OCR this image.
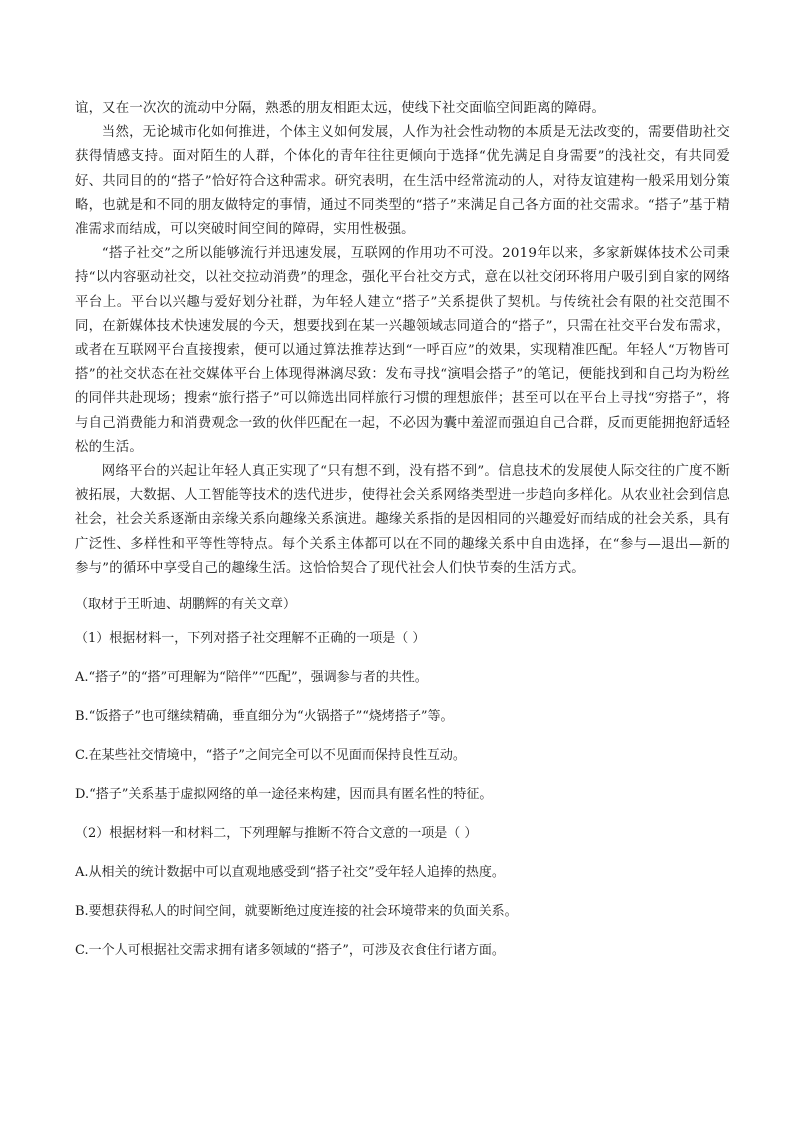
谊，又在一次次的流动中分隔，熟悉的朋友相距太远，使线下社交面临空间距离的障碍。

当然，无论城市化如何推进，个体主义如何发展，人作为社会性动物的本质是无法改变的，需要借助社交获得情感支持。面对陌生的人群，个体化的青年往往更倾向于选择“优先满足自身需要”的浅社交，有共同爱好、共同目的的“搭子”恰好符合这种需求。研究表明，在生活中经常流动的人，对待友谊建构一般采用划分策略，也就是和不同的朋友做特定的事情，通过不同类型的“搭子”来满足自己各方面的社交需求。“搭子”基于精准需求而结成，可以突破时间空间的障碍，实用性极强。

“搭子社交”之所以能够流行并迅速发展，互联网的作用功不可没。2019年以来，多家新媒体技术公司秉持“以内容驱动社交，以社交拉动消费”的理念，强化平台社交方式，意在以社交闭环将用户吸引到自家的网络平台上。平台以兴趣与爱好划分社群，为年轻人建立“搭子”关系提供了契机。与传统社会有限的社交范围不同，在新媒体技术快速发展的今天，想要找到在某一兴趣领域志同道合的“搭子”，只需在社交平台发布需求，或者在互联网平台直接搜索，便可以通过算法推荐达到“一呼百应”的效果，实现精准匹配。年轻人“万物皆可搭”的社交状态在社交媒体平台上体现得淋漓尽致：发布寻找“演唱会搭子”的笔记，便能找到和自己均为粉丝的同伴共赴现场；搜索“旅行搭子”可以筛选出同样旅行习惯的理想旅伴；甚至可以在平台上寻找“穷搭子”，将与自己消费能力和消费观念一致的伙伴匹配在一起，不必因为囊中羞涩而强迫自己合群，反而更能拥抱舒适轻松的生活。

网络平台的兴起让年轻人真正实现了“只有想不到，没有搭不到”。信息技术的发展使人际交往的广度不断被拓展，大数据、人工智能等技术的迭代进步，使得社会关系网络类型进一步趋向多样化。从农业社会到信息社会，社会关系逐渐由亲缘关系向趣缘关系演进。趣缘关系指的是因相同的兴趣爱好而结成的社会关系，具有广泛性、多样性和平等性等特点。每个关系主体都可以在不同的趣缘关系中自由选择，在“参与—退出—新的参与”的循环中享受自己的趣缘生活。这恰恰契合了现代社会人们快节奏的生活方式。

（取材于王昕迪、胡鹏辉的有关文章）

（1）根据材料一，下列对搭子社交理解不正确的一项是（ ）

A.“搭子”的“搭”可理解为“陪伴”“匹配”，强调参与者的共性。

B.“饭搭子”也可继续精确，垂直细分为“火锅搭子”“烧烤搭子”等。

C.在某些社交情境中，“搭子”之间完全可以不见面而保持良性互动。

D.“搭子”关系基于虚拟网络的单一途径来构建，因而具有匿名性的特征。

（2）根据材料一和材料二，下列理解与推断不符合文意的一项是（ ）

A.从相关的统计数据中可以直观地感受到“搭子社交”受年轻人追捧的热度。

B.要想获得私人的时间空间，就要断绝过度连接的社会环境带来的负面关系。

C.一个人可根据社交需求拥有诸多领域的“搭子”，可涉及衣食住行诸方面。
